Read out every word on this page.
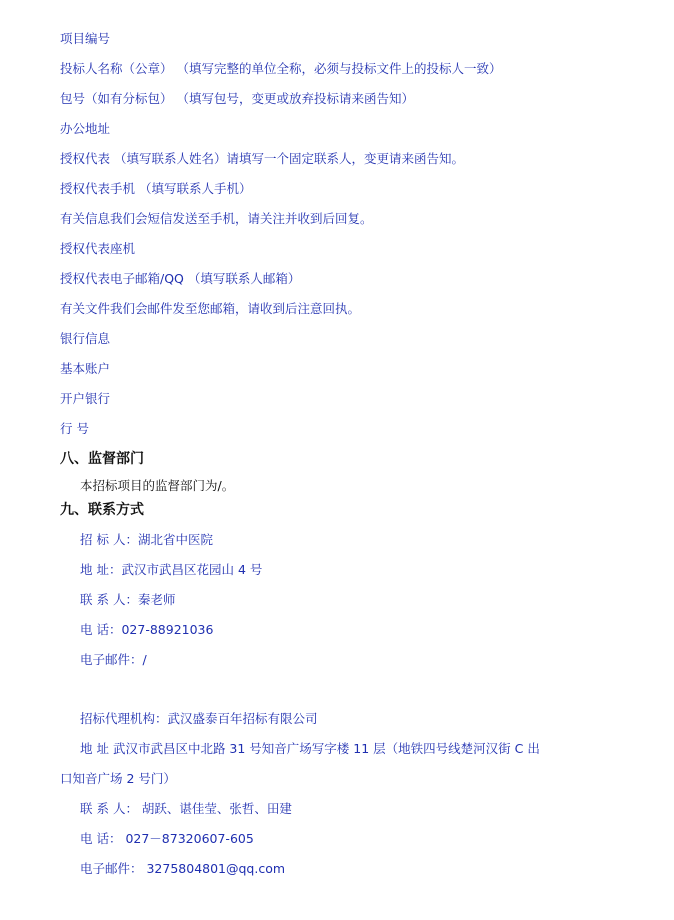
项目编号
投标人名称（公章） （填写完整的单位全称，必须与投标文件上的投标人一致）
包号（如有分标包） （填写包号，变更或放弃投标请来函告知）
办公地址
授权代表 （填写联系人姓名）请填写一个固定联系人，变更请来函告知。
授权代表手机 （填写联系人手机）
有关信息我们会短信发送至手机，请关注并收到后回复。
授权代表座机
授权代表电子邮箱/QQ （填写联系人邮箱）
有关文件我们会邮件发至您邮箱，请收到后注意回执。
银行信息
基本账户
开户银行
行 号
八、监督部门
本招标项目的监督部门为/。
九、联系方式
招 标 人：湖北省中医院
地 址：武汉市武昌区花园山 4 号
联 系 人：秦老师
电 话：027-88921036
电子邮件：/
招标代理机构：武汉盛泰百年招标有限公司
地 址 武汉市武昌区中北路 31 号知音广场写字楼 11 层（地铁四号线楚河汉街 C 出
口知音广场 2 号门）
联 系 人： 胡跃、谌佳莹、张哲、田建
电 话： 027－87320607-605
电子邮件： 3275804801@qq.com
